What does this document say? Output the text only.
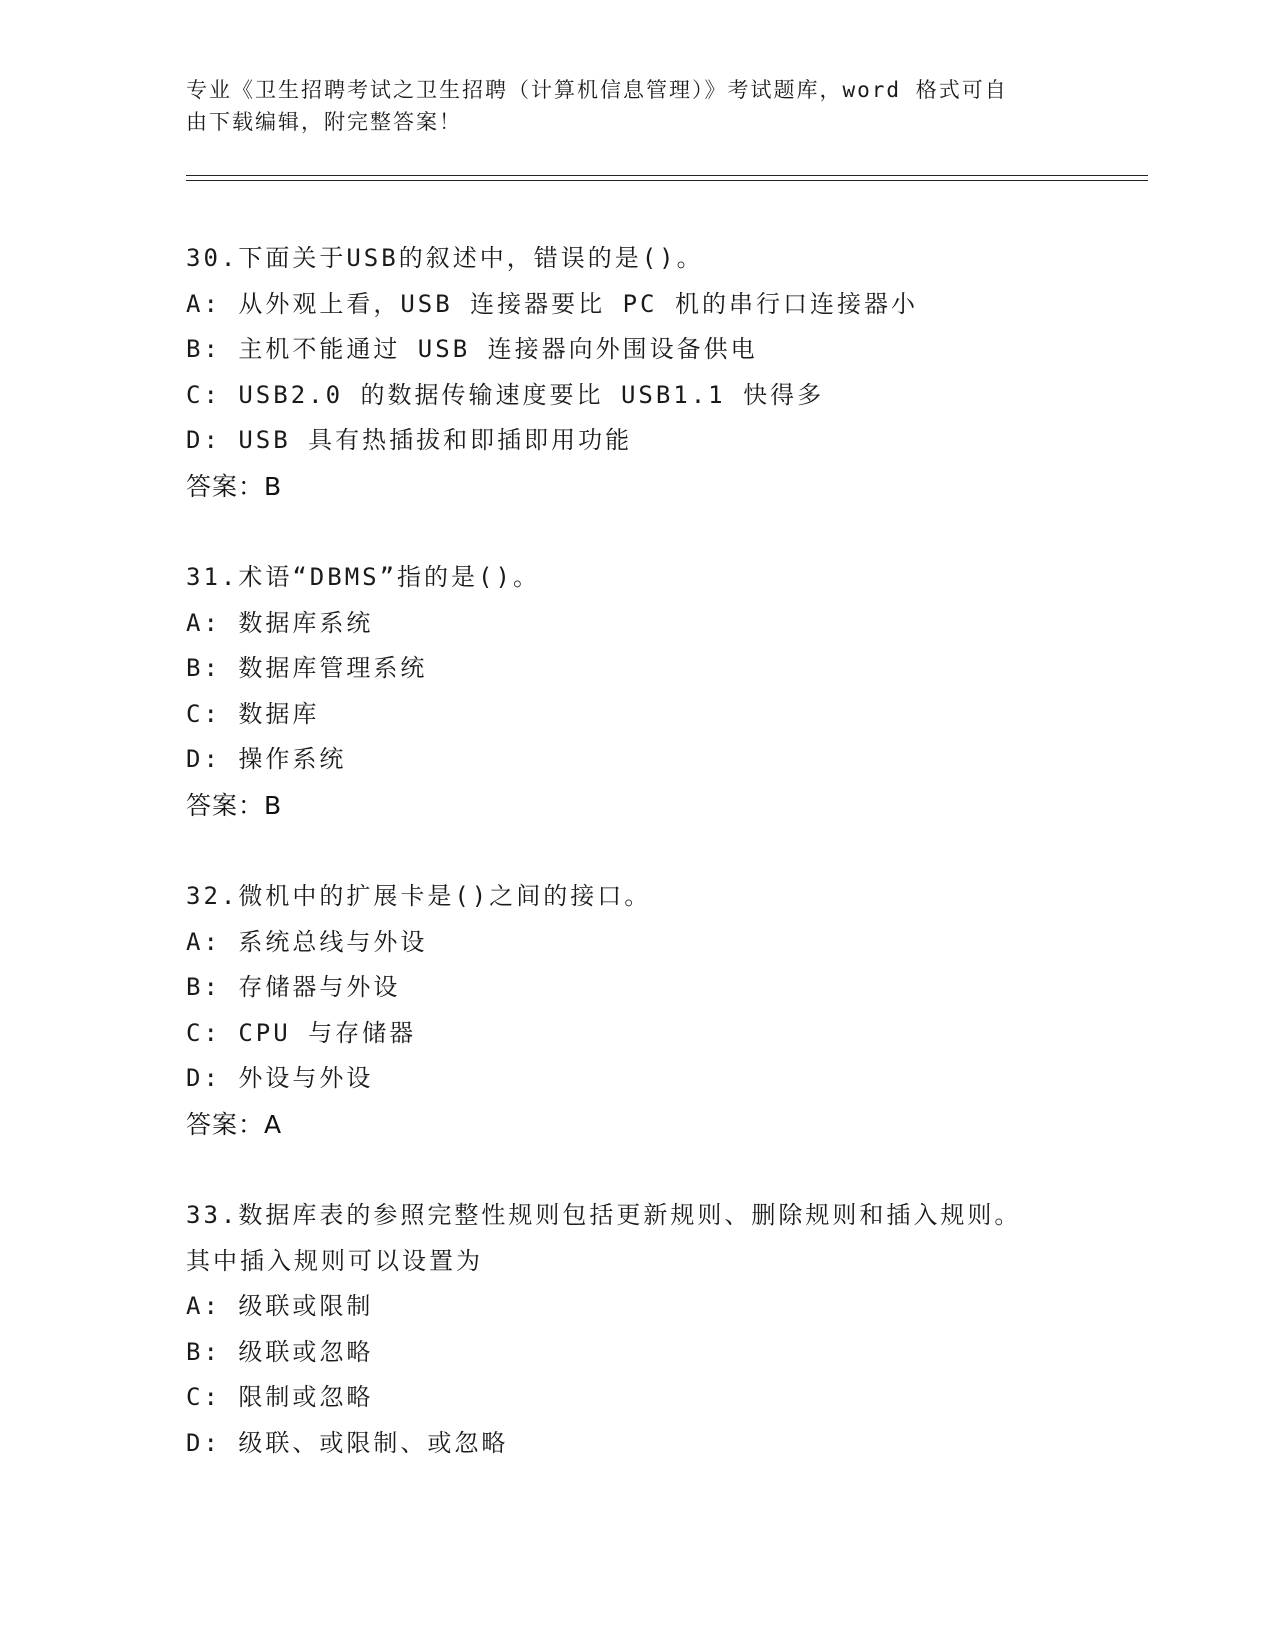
专业《卫生招聘考试之卫生招聘（计算机信息管理）》考试题库，word 格式可自
由下载编辑，附完整答案！
30.下面关于USB的叙述中，错误的是()。
A: 从外观上看，USB 连接器要比 PC 机的串行口连接器小
B: 主机不能通过 USB 连接器向外围设备供电
C: USB2.0 的数据传输速度要比 USB1.1 快得多
D: USB 具有热插拔和即插即用功能
答案：B
31.术语“DBMS”指的是()。
A: 数据库系统
B: 数据库管理系统
C: 数据库
D: 操作系统
答案：B
32.微机中的扩展卡是()之间的接口。
A: 系统总线与外设
B: 存储器与外设
C: CPU 与存储器
D: 外设与外设
答案：A
33.数据库表的参照完整性规则包括更新规则、删除规则和插入规则。
其中插入规则可以设置为
A: 级联或限制
B: 级联或忽略
C: 限制或忽略
D: 级联、或限制、或忽略
